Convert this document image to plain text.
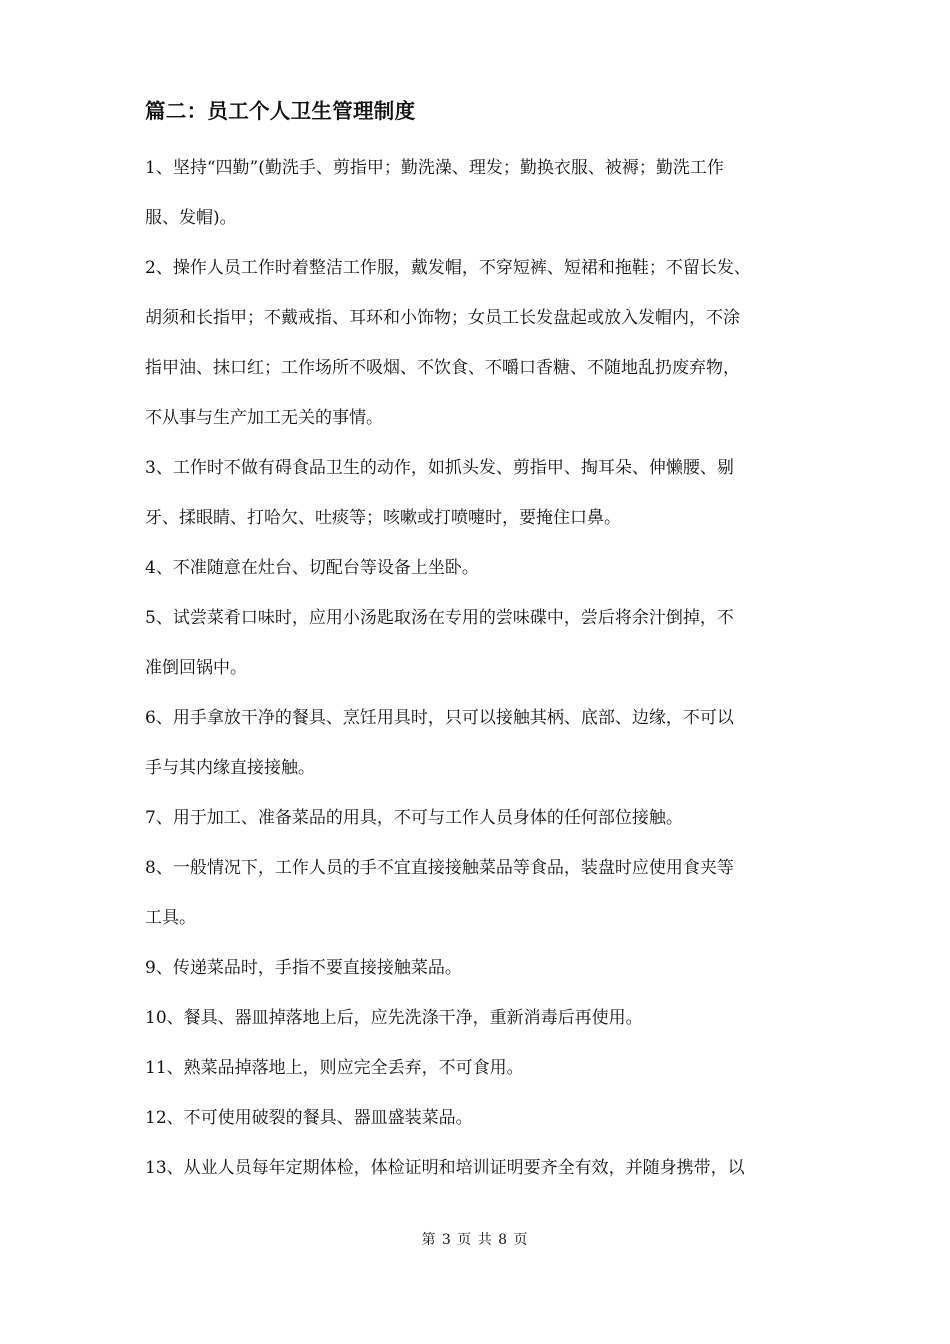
篇二：员工个人卫生管理制度
1、坚持“四勤”(勤洗手、剪指甲；勤洗澡、理发；勤换衣服、被褥；勤洗工作
服、发帽)。
2、操作人员工作时着整洁工作服，戴发帽，不穿短裤、短裙和拖鞋；不留长发、
胡须和长指甲；不戴戒指、耳环和小饰物；女员工长发盘起或放入发帽内，不涂
指甲油、抹口红；工作场所不吸烟、不饮食、不嚼口香糖、不随地乱扔废弃物，
不从事与生产加工无关的事情。
3、工作时不做有碍食品卫生的动作，如抓头发、剪指甲、掏耳朵、伸懒腰、剔
牙、揉眼睛、打哈欠、吐痰等；咳嗽或打喷嚏时，要掩住口鼻。
4、不准随意在灶台、切配台等设备上坐卧。
5、试尝菜肴口味时，应用小汤匙取汤在专用的尝味碟中，尝后将余汁倒掉，不
准倒回锅中。
6、用手拿放干净的餐具、烹饪用具时，只可以接触其柄、底部、边缘，不可以
手与其内缘直接接触。
7、用于加工、准备菜品的用具，不可与工作人员身体的任何部位接触。
8、一般情况下，工作人员的手不宜直接接触菜品等食品，装盘时应使用食夹等
工具。
9、传递菜品时，手指不要直接接触菜品。
10、餐具、器皿掉落地上后，应先洗涤干净，重新消毒后再使用。
11、熟菜品掉落地上，则应完全丢弃，不可食用。
12、不可使用破裂的餐具、器皿盛装菜品。
13、从业人员每年定期体检，体检证明和培训证明要齐全有效，并随身携带，以
第 3 页 共 8 页
